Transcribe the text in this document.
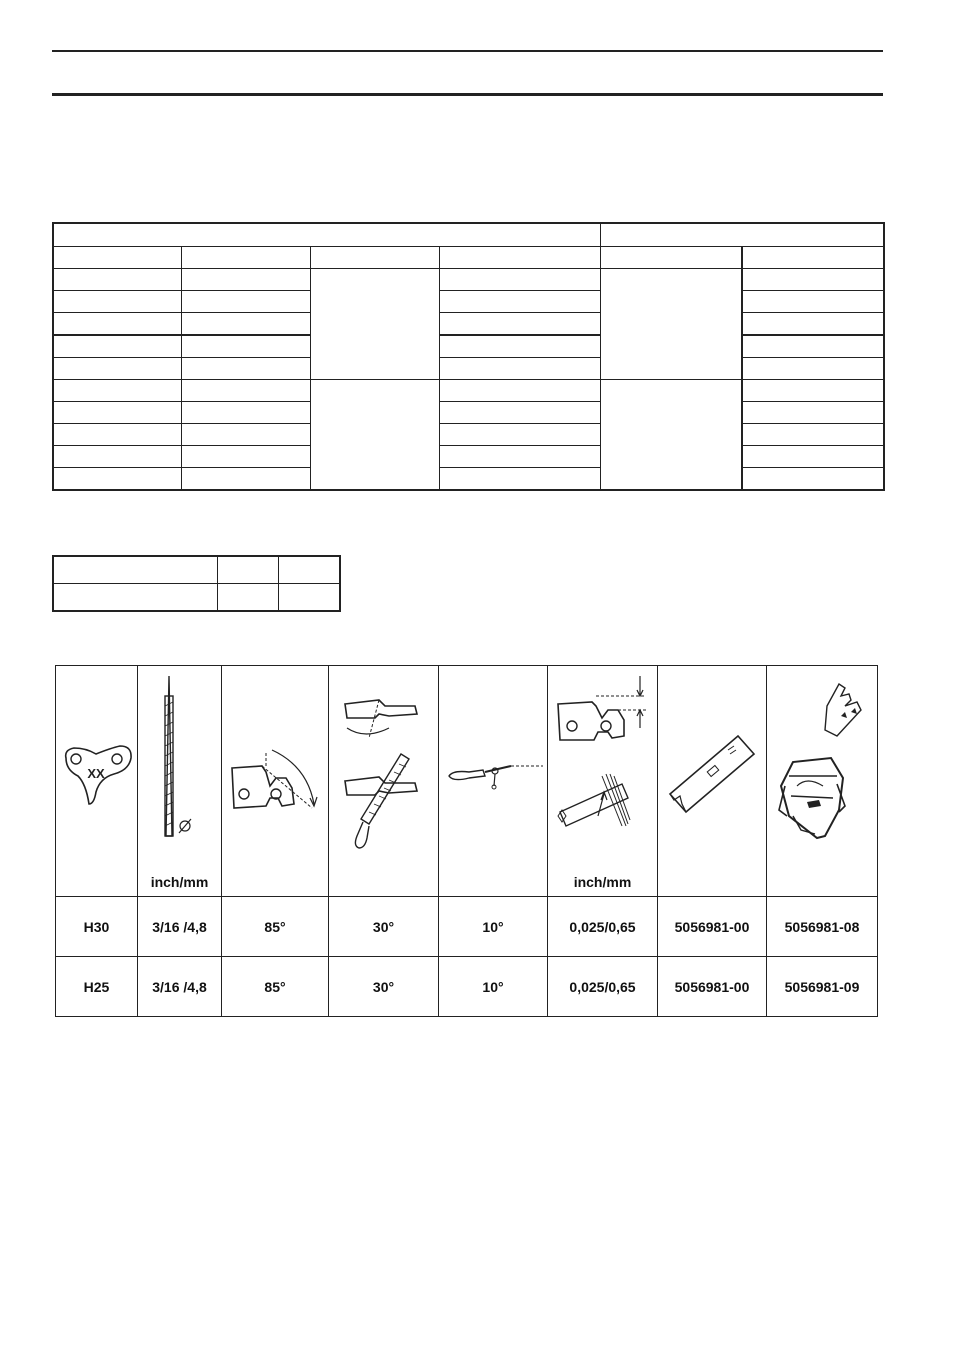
XX	inch/mm				inch/mm

H30	3/16 /4,8	85°	30°	10°	0,025/0,65	5056981-00	5056981-08
H25	3/16 /4,8	85°	30°	10°	0,025/0,65	5056981-00	5056981-09
